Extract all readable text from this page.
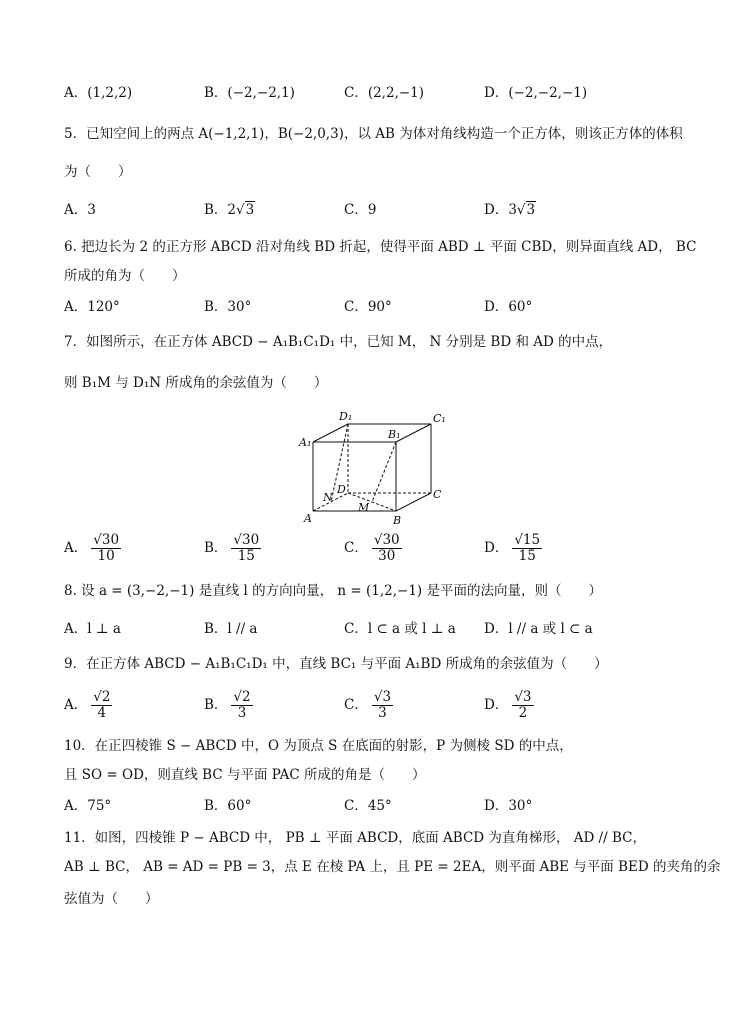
A．(1,2,2)	B．(−2,−2,1)	C．(2,2,−1)	D．(−2,−2,−1)
5．已知空间上的两点 A(−1,2,1)，B(−2,0,3)，以 AB 为体对角线构造一个正方体，则该正方体的体积
为（　　）
A．3	B．2√3	C．9	D．3√3
6. 把边长为 2 的正方形 ABCD 沿对角线 BD 折起，使得平面 ABD ⊥ 平面 CBD，则异面直线 AD， BC
所成的角为（　　）
A．120°	B．30°	C．90°	D．60°
7．如图所示，在正方体 ABCD − A₁B₁C₁D₁ 中，已知 M， N 分别是 BD 和 AD 的中点，
则 B₁M 与 D₁N 所成角的余弦值为（　　）
D₁	C₁
A₁
B₁
D	C
N
M
A	B
A． $\frac{√30}{10}$	B． $\frac{√30}{15}$	C． $\frac{√30}{30}$	D． $\frac{√15}{15}$
8. 设 a = (3,−2,−1) 是直线 l 的方向向量， n = (1,2,−1) 是平面的法向量，则（　　）
A．l ⊥ a	B．l // a	C．l ⊂ a 或 l ⊥ a D．l // a 或 l ⊂ a
9．在正方体 ABCD − A₁B₁C₁D₁ 中，直线 BC₁ 与平面 A₁BD 所成角的余弦值为（　　）
A． $\frac{√2}{4}$	B． $\frac{√2}{3}$	C． $\frac{√3}{3}$	D． $\frac{√3}{2}$
10．在正四棱锥 S − ABCD 中，O 为顶点 S 在底面的射影，P 为侧棱 SD 的中点，
且 SO = OD，则直线 BC 与平面 PAC 所成的角是（　　）
A．75°	B．60°	C．45°	D．30°
11．如图，四棱锥 P − ABCD 中， PB ⊥ 平面 ABCD，底面 ABCD 为直角梯形， AD // BC，
AB ⊥ BC， AB = AD = PB = 3，点 E 在棱 PA 上，且 PE = 2EA，则平面 ABE 与平面 BED 的夹角的余
弦值为（　　）
